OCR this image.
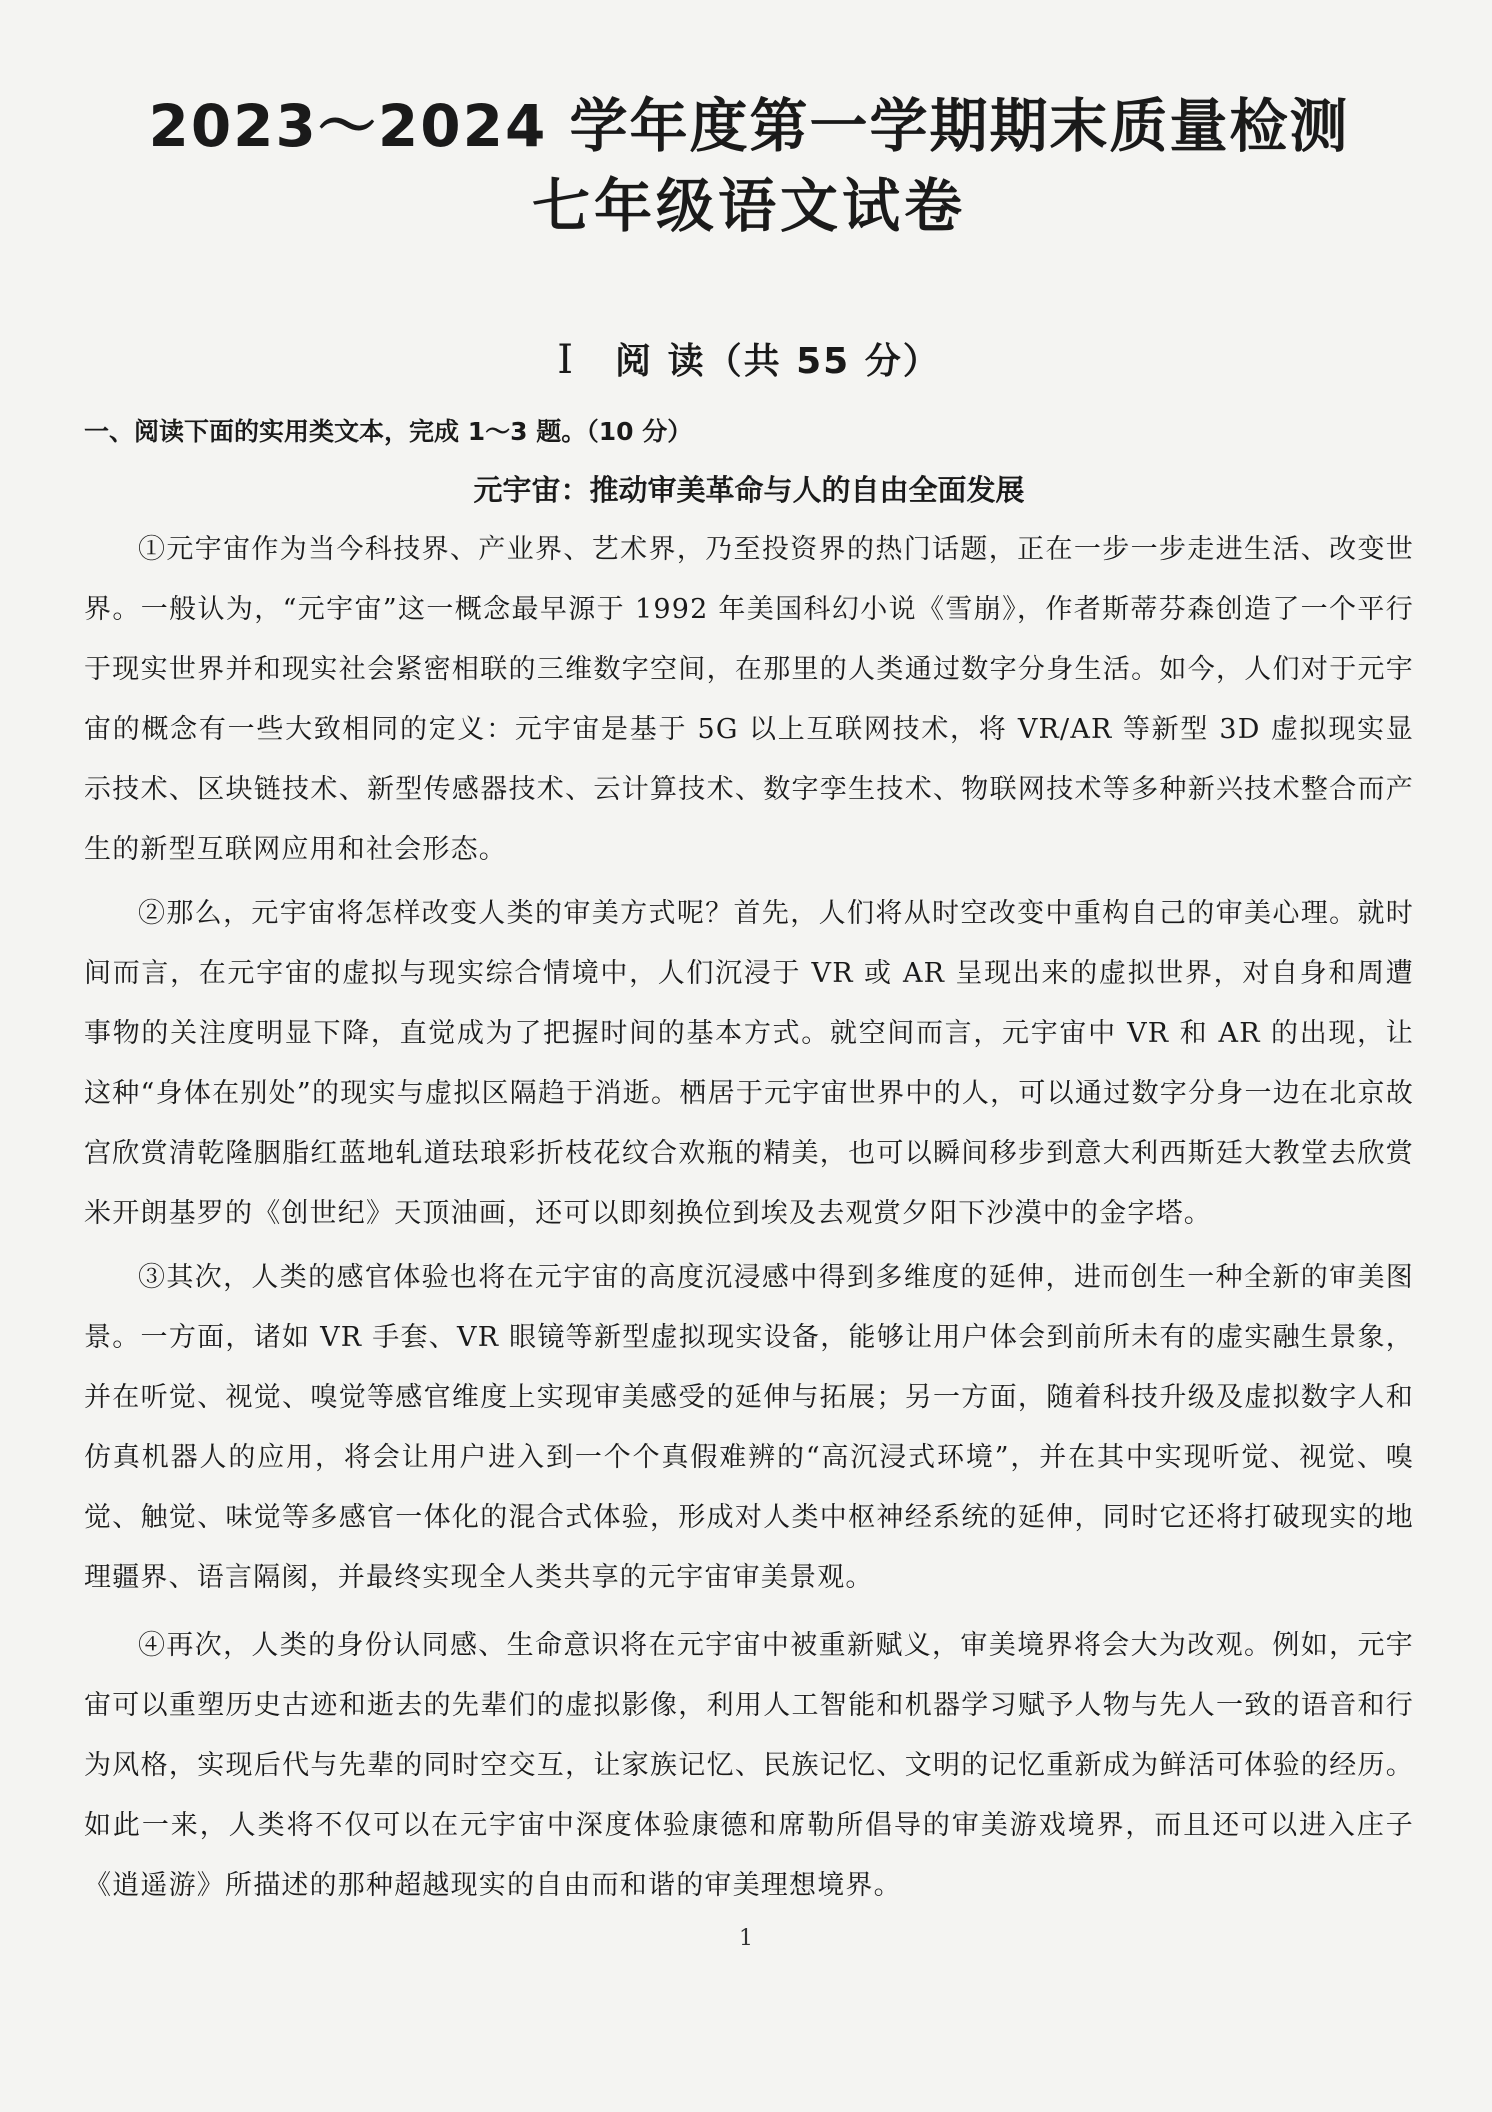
2023～2024 学年度第一学期期末质量检测
七年级语文试卷
Ⅰ 阅 读（共 55 分）
一、阅读下面的实用类文本，完成 1～3 题。（10 分）
元宇宙：推动审美革命与人的自由全面发展

①元宇宙作为当今科技界、产业界、艺术界，乃至投资界的热门话题，正在一步一步走进生活、改变世界。一般认为，“元宇宙”这一概念最早源于 1992 年美国科幻小说《雪崩》，作者斯蒂芬森创造了一个平行于现实世界并和现实社会紧密相联的三维数字空间，在那里的人类通过数字分身生活。如今，人们对于元宇宙的概念有一些大致相同的定义：元宇宙是基于 5G 以上互联网技术，将 VR/AR 等新型 3D 虚拟现实显示技术、区块链技术、新型传感器技术、云计算技术、数字孪生技术、物联网技术等多种新兴技术整合而产生的新型互联网应用和社会形态。

②那么，元宇宙将怎样改变人类的审美方式呢？首先，人们将从时空改变中重构自己的审美心理。就时间而言，在元宇宙的虚拟与现实综合情境中，人们沉浸于 VR 或 AR 呈现出来的虚拟世界，对自身和周遭事物的关注度明显下降，直觉成为了把握时间的基本方式。就空间而言，元宇宙中 VR 和 AR 的出现，让这种“身体在别处”的现实与虚拟区隔趋于消逝。栖居于元宇宙世界中的人，可以通过数字分身一边在北京故宫欣赏清乾隆胭脂红蓝地轧道珐琅彩折枝花纹合欢瓶的精美，也可以瞬间移步到意大利西斯廷大教堂去欣赏米开朗基罗的《创世纪》天顶油画，还可以即刻换位到埃及去观赏夕阳下沙漠中的金字塔。

③其次，人类的感官体验也将在元宇宙的高度沉浸感中得到多维度的延伸，进而创生一种全新的审美图景。一方面，诸如 VR 手套、VR 眼镜等新型虚拟现实设备，能够让用户体会到前所未有的虚实融生景象，并在听觉、视觉、嗅觉等感官维度上实现审美感受的延伸与拓展；另一方面，随着科技升级及虚拟数字人和仿真机器人的应用，将会让用户进入到一个个真假难辨的“高沉浸式环境”，并在其中实现听觉、视觉、嗅觉、触觉、味觉等多感官一体化的混合式体验，形成对人类中枢神经系统的延伸，同时它还将打破现实的地理疆界、语言隔阂，并最终实现全人类共享的元宇宙审美景观。

④再次，人类的身份认同感、生命意识将在元宇宙中被重新赋义，审美境界将会大为改观。例如，元宇宙可以重塑历史古迹和逝去的先辈们的虚拟影像，利用人工智能和机器学习赋予人物与先人一致的语音和行为风格，实现后代与先辈的同时空交互，让家族记忆、民族记忆、文明的记忆重新成为鲜活可体验的经历。如此一来，人类将不仅可以在元宇宙中深度体验康德和席勒所倡导的审美游戏境界，而且还可以进入庄子《逍遥游》所描述的那种超越现实的自由而和谐的审美理想境界。

1
